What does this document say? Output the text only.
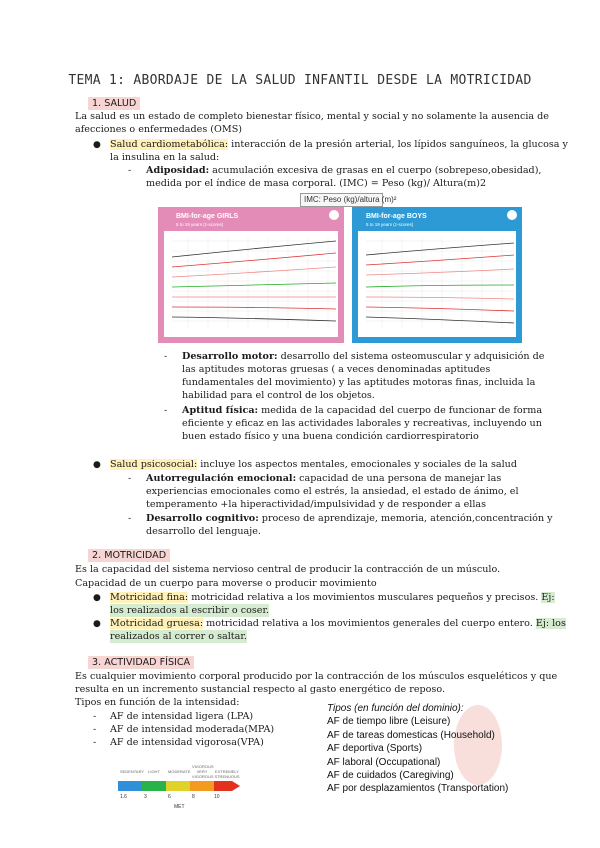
TEMA 1: ABORDAJE DE LA SALUD INFANTIL DESDE LA MOTRICIDAD
1. SALUD
La salud es un estado de completo bienestar físico, mental y social y no solamente la ausencia de
afecciones o enfermedades (OMS)
● Salud cardiometabólica: interacción de la presión arterial, los lípidos sanguíneos, la glucosa y
la insulina en la salud:
- Adiposidad: acumulación excesiva de grasas en el cuerpo (sobrepeso,obesidad),
medida por el índice de masa corporal. (IMC) = Peso (kg)/ Altura(m)2
IMC: Peso (kg)/altura (m)²
BMI-for-age GIRLS
5 to 19 years (z-scores)
BMI-for-age BOYS
5 to 19 years (z-scores)
- Desarrollo motor: desarrollo del sistema osteomuscular y adquisición de
las aptitudes motoras gruesas ( a veces denominadas aptitudes
fundamentales del movimiento) y las aptitudes motoras finas, incluida la
habilidad para el control de los objetos.
- Aptitud física: medida de la capacidad del cuerpo de funcionar de forma
eficiente y eficaz en las actividades laborales y recreativas, incluyendo un
buen estado físico y una buena condición cardiorrespiratorio
● Salud psicosocial: incluye los aspectos mentales, emocionales y sociales de la salud
- Autorregulación emocional: capacidad de una persona de manejar las
experiencias emocionales como el estrés, la ansiedad, el estado de ánimo, el
temperamento +la hiperactividad/impulsividad y de responder a ellas
- Desarrollo cognitivo: proceso de aprendizaje, memoria, atención,concentración y
desarrollo del lenguaje.
2. MOTRICIDAD
Es la capacidad del sistema nervioso central de producir la contracción de un músculo.
Capacidad de un cuerpo para moverse o producir movimiento
● Motricidad fina: motricidad relativa a los movimientos musculares pequeños y precisos. Ej:
los realizados al escribir o coser.
● Motricidad gruesa: motricidad relativa a los movimientos generales del cuerpo entero. Ej: los
realizados al correr o saltar.
3. ACTIVIDAD FÍSICA
Es cualquier movimiento corporal producido por la contracción de los músculos esqueléticos y que
resulta en un incremento sustancial respecto al gasto energético de reposo.
Tipos en función de la intensidad:
- AF de intensidad ligera (LPA)
- AF de intensidad moderada(MPA)
- AF de intensidad vigorosa(VPA)
Tipos (en función del dominio):
AF de tiempo libre (Leisure)
AF de tareas domesticas (Household)
AF deportiva (Sports)
AF laboral (Occupational)
AF de cuidados (Caregiving)
AF por desplazamientos (Transportation)
SEDENTARY	LIGHT	MODERATE
VIGOROUS
VERY VIGOROUS
EXTREMELY STRENUOUS
1.6	3	6	8	10
MET
